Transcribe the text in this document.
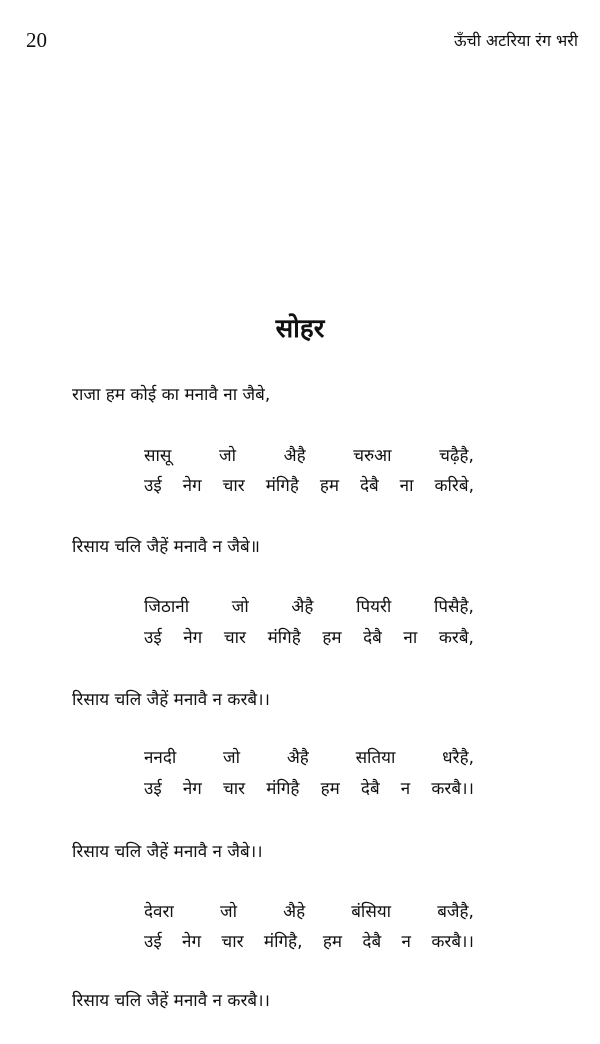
20	ऊँची अटरिया रंग भरी
सोहर
राजा हम कोई का मनावै ना जैबे,
सासू	जो	अैहै	चरुआ	चढ़ैहै,
उई नेग चार मंगिहै हम देबै ना करिबे,
रिसाय चलि जैहें मनावै न जैबे॥
जिठानी	जो	अैहै	पियरी	पिसैहै,
उई नेग चार मंगिहै हम देबै ना करबै,
रिसाय चलि जैहें मनावै न करबै।।
ननदी	जो	अैहै	सतिया	धरैहै,
उई नेग चार मंगिहै हम देबै न करबै।।
रिसाय चलि जैहें मनावै न जैबे।।
देवरा	जो	अैहे	बंसिया	बजैहै,
उई नेग चार मंगिहै, हम देबै न करबै।।
रिसाय चलि जैहें मनावै न करबै।।
